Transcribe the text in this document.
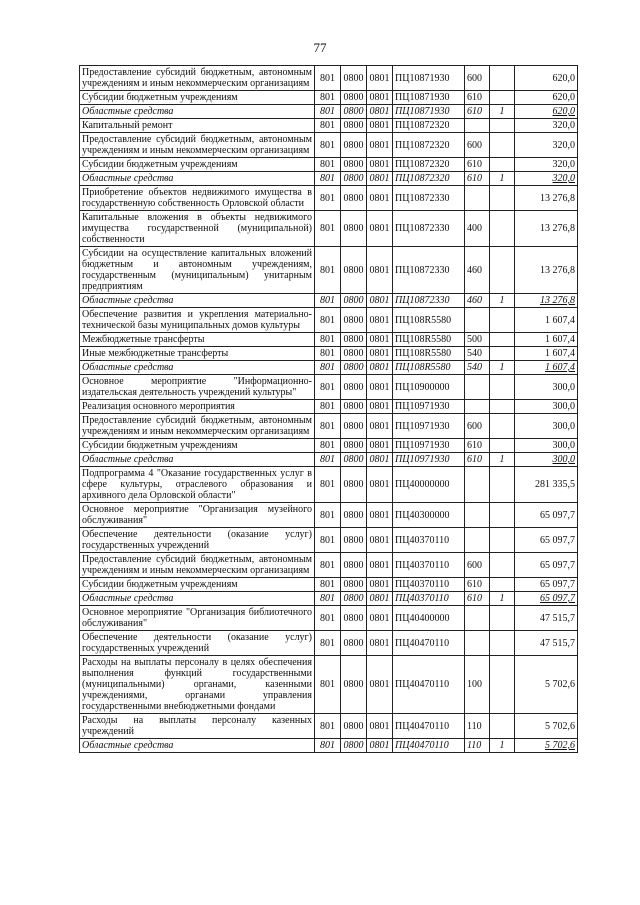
77
Предоставление субсидий бюджетным, автономным учреждениям и иным некоммерческим организациям	801	0800	0801	ПЦ10871930	600		620,0
Субсидии бюджетным учреждениям	801	0800	0801	ПЦ10871930	610		620,0
Областные средства	801	0800	0801	ПЦ10871930	610	1	620,0
Капитальный ремонт	801	0800	0801	ПЦ10872320			320,0
Предоставление субсидий бюджетным, автономным учреждениям и иным некоммерческим организациям	801	0800	0801	ПЦ10872320	600		320,0
Субсидии бюджетным учреждениям	801	0800	0801	ПЦ10872320	610		320,0
Областные средства	801	0800	0801	ПЦ10872320	610	1	320,0
Приобретение объектов недвижимого имущества в государственную собственность Орловской области	801	0800	0801	ПЦ10872330			13 276,8
Капитальные вложения в объекты недвижимого имущества государственной (муниципальной) собственности	801	0800	0801	ПЦ10872330	400		13 276,8
Субсидии на осуществление капитальных вложений бюджетным и автономным учреждениям, государственным (муниципальным) унитарным предприятиям	801	0800	0801	ПЦ10872330	460		13 276,8
Областные средства	801	0800	0801	ПЦ10872330	460	1	13 276,8
Обеспечение развития и укрепления материально-технической базы муниципальных домов культуры	801	0800	0801	ПЦ108R5580			1 607,4
Межбюджетные трансферты	801	0800	0801	ПЦ108R5580	500		1 607,4
Иные межбюджетные трансферты	801	0800	0801	ПЦ108R5580	540		1 607,4
Областные средства	801	0800	0801	ПЦ108R5580	540	1	1 607,4
Основное мероприятие "Информационно-издательская деятельность учреждений культуры"	801	0800	0801	ПЦ10900000			300,0
Реализация основного мероприятия	801	0800	0801	ПЦ10971930			300,0
Предоставление субсидий бюджетным, автономным учреждениям и иным некоммерческим организациям	801	0800	0801	ПЦ10971930	600		300,0
Субсидии бюджетным учреждениям	801	0800	0801	ПЦ10971930	610		300,0
Областные средства	801	0800	0801	ПЦ10971930	610	1	300,0
Подпрограмма 4 "Оказание государственных услуг в сфере культуры, отраслевого образования и архивного дела Орловской области"	801	0800	0801	ПЦ40000000			281 335,5
Основное мероприятие "Организация музейного обслуживания"	801	0800	0801	ПЦ40300000			65 097,7
Обеспечение деятельности (оказание услуг) государственных учреждений	801	0800	0801	ПЦ40370110			65 097,7
Предоставление субсидий бюджетным, автономным учреждениям и иным некоммерческим организациям	801	0800	0801	ПЦ40370110	600		65 097,7
Субсидии бюджетным учреждениям	801	0800	0801	ПЦ40370110	610		65 097,7
Областные средства	801	0800	0801	ПЦ40370110	610	1	65 097,7
Основное мероприятие "Организация библиотечного обслуживания"	801	0800	0801	ПЦ40400000			47 515,7
Обеспечение деятельности (оказание услуг) государственных учреждений	801	0800	0801	ПЦ40470110			47 515,7
Расходы на выплаты персоналу в целях обеспечения выполнения функций государственными (муниципальными) органами, казенными учреждениями, органами управления государственными внебюджетными фондами	801	0800	0801	ПЦ40470110	100		5 702,6
Расходы на выплаты персоналу казенных учреждений	801	0800	0801	ПЦ40470110	110		5 702,6
Областные средства	801	0800	0801	ПЦ40470110	110	1	5 702,6
